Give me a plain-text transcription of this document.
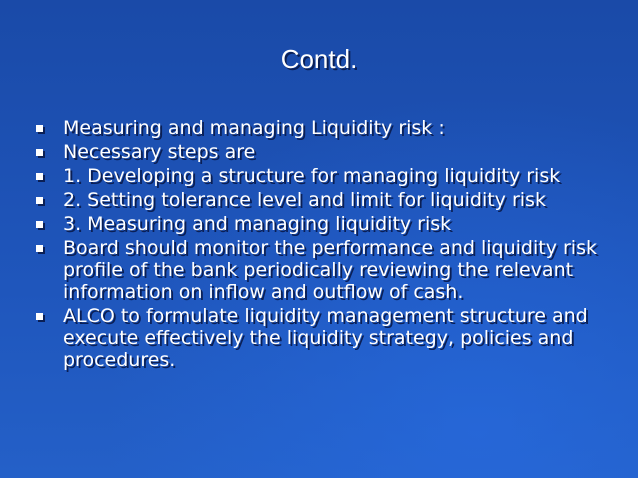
Contd.
Measuring and managing Liquidity risk :
Necessary steps are
1. Developing a structure for managing liquidity risk
2. Setting tolerance level and limit for liquidity risk
3. Measuring and managing liquidity risk
Board should monitor the performance and liquidity risk profile of the bank periodically reviewing the relevant information on inflow and outflow of cash.
ALCO to formulate liquidity management structure and execute effectively the liquidity strategy, policies and procedures.
